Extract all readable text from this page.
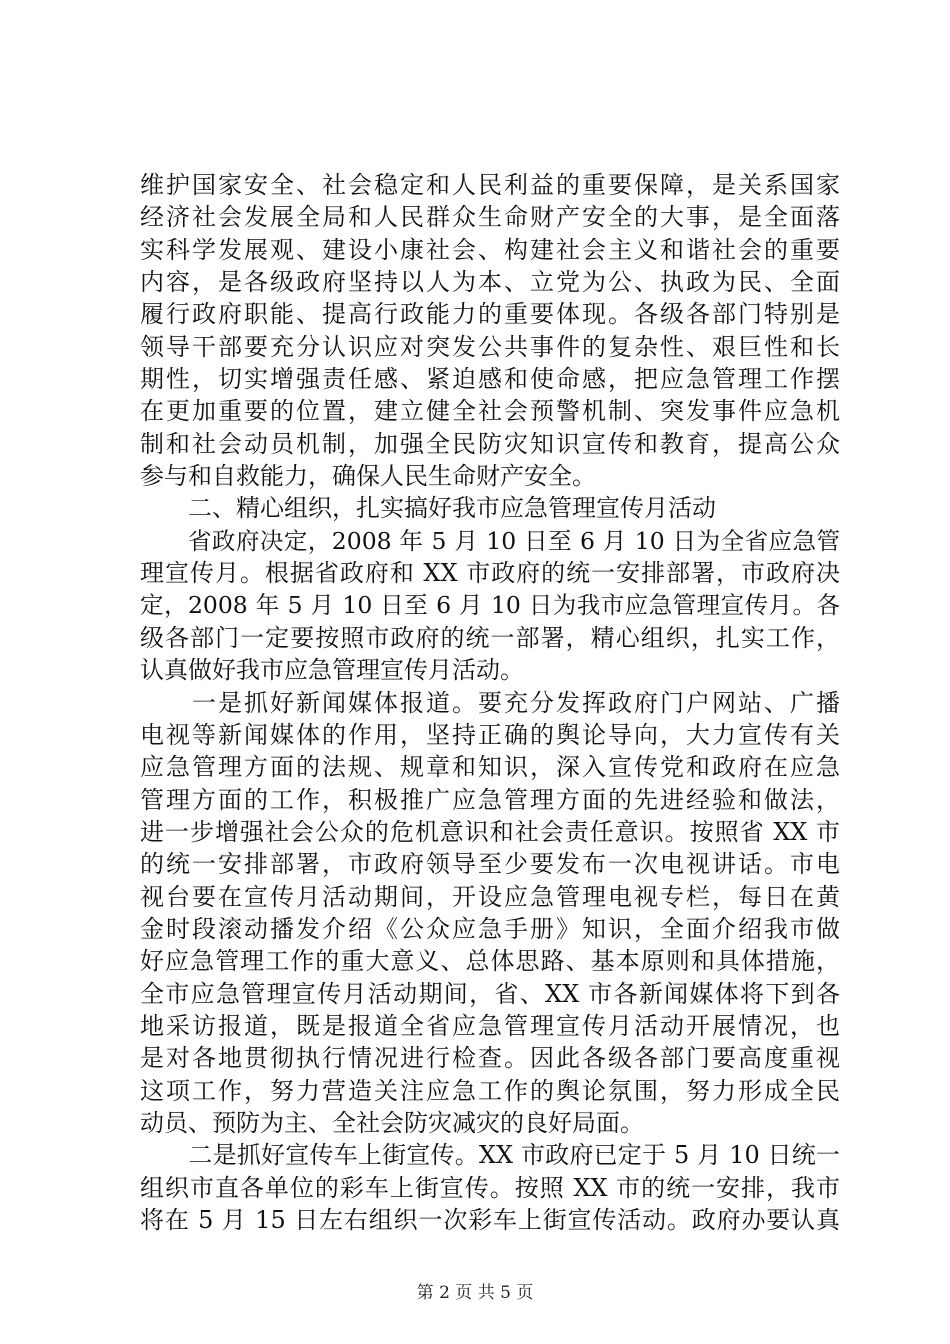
维护国家安全、社会稳定和人民利益的重要保障，是关系国家
经济社会发展全局和人民群众生命财产安全的大事，是全面落
实科学发展观、建设小康社会、构建社会主义和谐社会的重要
内容，是各级政府坚持以人为本、立党为公、执政为民、全面
履行政府职能、提高行政能力的重要体现。各级各部门特别是
领导干部要充分认识应对突发公共事件的复杂性、艰巨性和长
期性，切实增强责任感、紧迫感和使命感，把应急管理工作摆
在更加重要的位置，建立健全社会预警机制、突发事件应急机
制和社会动员机制，加强全民防灾知识宣传和教育，提高公众
参与和自救能力，确保人民生命财产安全。
　　二、精心组织，扎实搞好我市应急管理宣传月活动
　　省政府决定，2008 年 5 月 10 日至 6 月 10 日为全省应急管
理宣传月。根据省政府和 XX 市政府的统一安排部署，市政府决
定，2008 年 5 月 10 日至 6 月 10 日为我市应急管理宣传月。各
级各部门一定要按照市政府的统一部署，精心组织，扎实工作，
认真做好我市应急管理宣传月活动。
　　一是抓好新闻媒体报道。要充分发挥政府门户网站、广播
电视等新闻媒体的作用，坚持正确的舆论导向，大力宣传有关
应急管理方面的法规、规章和知识，深入宣传党和政府在应急
管理方面的工作，积极推广应急管理方面的先进经验和做法，
进一步增强社会公众的危机意识和社会责任意识。按照省 XX 市
的统一安排部署，市政府领导至少要发布一次电视讲话。市电
视台要在宣传月活动期间，开设应急管理电视专栏，每日在黄
金时段滚动播发介绍《公众应急手册》知识，全面介绍我市做
好应急管理工作的重大意义、总体思路、基本原则和具体措施，
全市应急管理宣传月活动期间，省、XX 市各新闻媒体将下到各
地采访报道，既是报道全省应急管理宣传月活动开展情况，也
是对各地贯彻执行情况进行检查。因此各级各部门要高度重视
这项工作，努力营造关注应急工作的舆论氛围，努力形成全民
动员、预防为主、全社会防灾减灾的良好局面。
　　二是抓好宣传车上街宣传。XX 市政府已定于 5 月 10 日统一
组织市直各单位的彩车上街宣传。按照 XX 市的统一安排，我市
将在 5 月 15 日左右组织一次彩车上街宣传活动。政府办要认真
第 2 页 共 5 页
